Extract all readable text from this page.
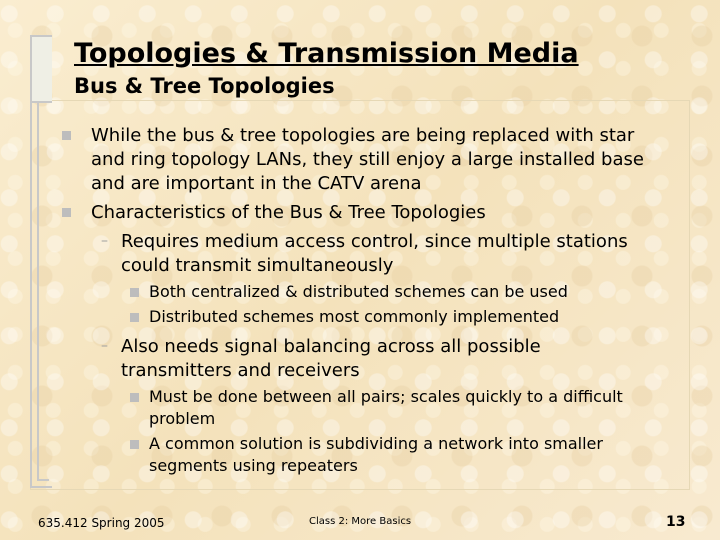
Topologies & Transmission Media
Bus & Tree Topologies

While the bus & tree topologies are being replaced with star and ring topology LANs, they still enjoy a large installed base and are important in the CATV arena

Characteristics of the Bus & Tree Topologies

– Requires medium access control, since multiple stations could transmit simultaneously

Both centralized & distributed schemes can be used

Distributed schemes most commonly implemented

– Also needs signal balancing across all possible transmitters and receivers

Must be done between all pairs; scales quickly to a difficult problem

A common solution is subdividing a network into smaller segments using repeaters

635.412 Spring 2005	Class 2: More Basics	13
